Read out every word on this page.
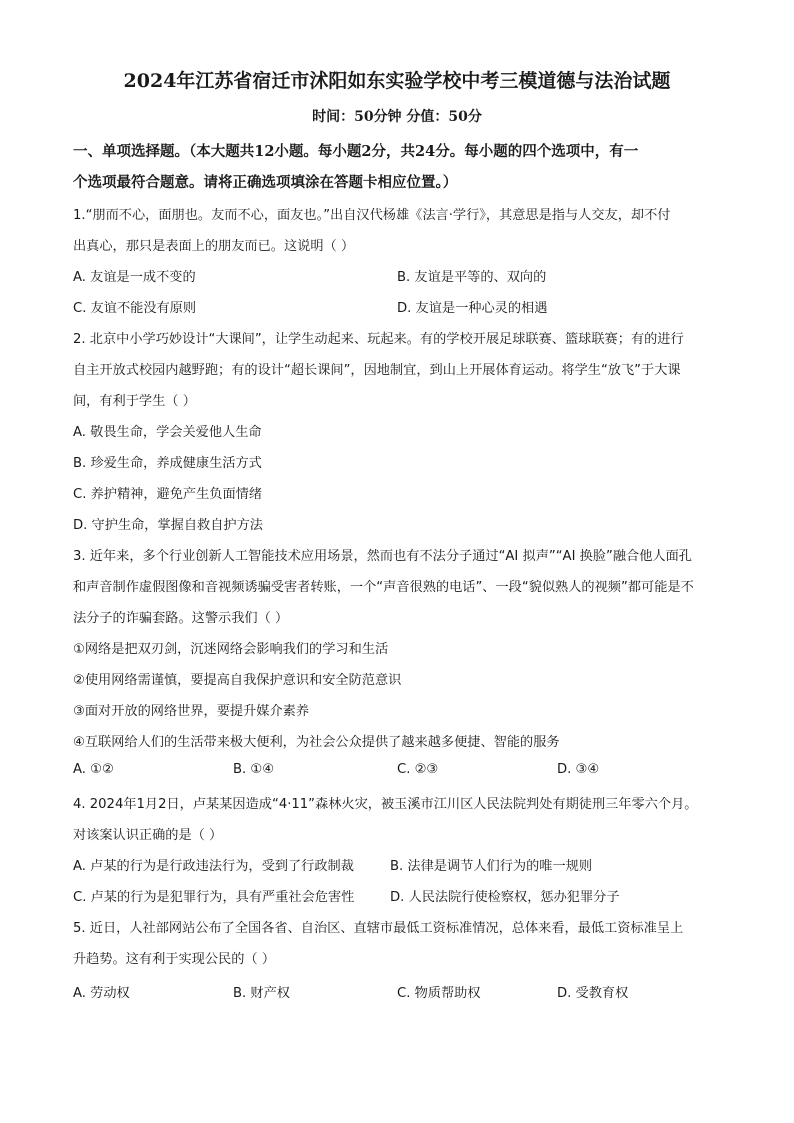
2024年江苏省宿迁市沭阳如东实验学校中考三模道德与法治试题
时间：50分钟 分值：50分
一、单项选择题。（本大题共12小题。每小题2分，共24分。每小题的四个选项中，有一
个选项最符合题意。请将正确选项填涂在答题卡相应位置。）
1.“朋而不心，面朋也。友而不心，面友也。”出自汉代杨雄《法言·学行》，其意思是指与人交友，却不付
出真心，那只是表面上的朋友而已。这说明（ ）
A. 友谊是一成不变的	B. 友谊是平等的、双向的
C. 友谊不能没有原则	D. 友谊是一种心灵的相遇
2. 北京中小学巧妙设计“大课间”，让学生动起来、玩起来。有的学校开展足球联赛、篮球联赛；有的进行
自主开放式校园内越野跑；有的设计“超长课间”，因地制宜，到山上开展体育运动。将学生“放飞”于大课
间，有利于学生（ ）
A. 敬畏生命，学会关爱他人生命
B. 珍爱生命，养成健康生活方式
C. 养护精神，避免产生负面情绪
D. 守护生命，掌握自救自护方法
3. 近年来，多个行业创新人工智能技术应用场景，然而也有不法分子通过“AI 拟声”“AI 换脸”融合他人面孔
和声音制作虚假图像和音视频诱骗受害者转账，一个“声音很熟的电话”、一段“貌似熟人的视频”都可能是不
法分子的诈骗套路。这警示我们（ ）
①网络是把双刃剑，沉迷网络会影响我们的学习和生活
②使用网络需谨慎，要提高自我保护意识和安全防范意识
③面对开放的网络世界，要提升媒介素养
④互联网给人们的生活带来极大便利，为社会公众提供了越来越多便捷、智能的服务
A. ①②	B. ①④	C. ②③	D. ③④
4. 2024年1月2日，卢某某因造成“4·11”森林火灾，被玉溪市江川区人民法院判处有期徒刑三年零六个月。
对该案认识正确的是（ ）
A. 卢某的行为是行政违法行为，受到了行政制裁	B. 法律是调节人们行为的唯一规则
C. 卢某的行为是犯罪行为，具有严重社会危害性	D. 人民法院行使检察权，惩办犯罪分子
5. 近日，人社部网站公布了全国各省、自治区、直辖市最低工资标准情况，总体来看，最低工资标准呈上
升趋势。这有利于实现公民的（ ）
A. 劳动权	B. 财产权	C. 物质帮助权	D. 受教育权
